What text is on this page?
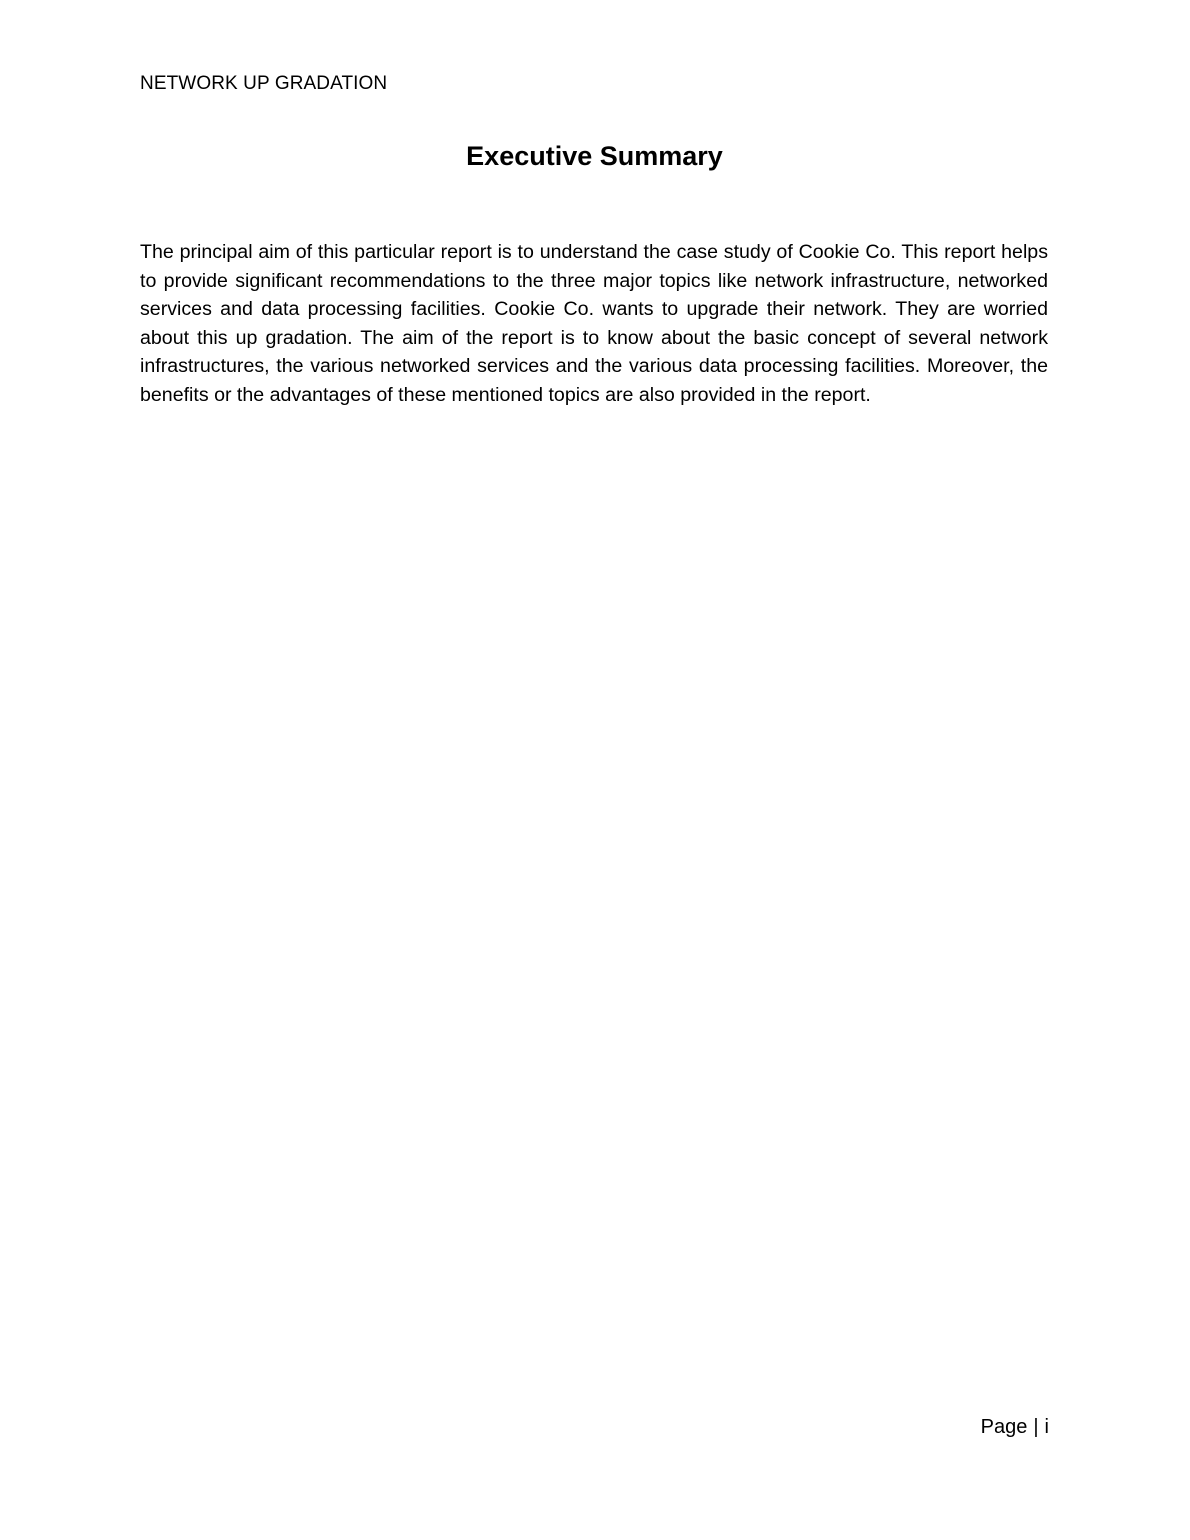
NETWORK UP GRADATION
Executive Summary

The principal aim of this particular report is to understand the case study of Cookie Co. This report helps to provide significant recommendations to the three major topics like network infrastructure, networked services and data processing facilities. Cookie Co. wants to upgrade their network. They are worried about this up gradation. The aim of the report is to know about the basic concept of several network infrastructures, the various networked services and the various data processing facilities. Moreover, the benefits or the advantages of these mentioned topics are also provided in the report.

Page | i
